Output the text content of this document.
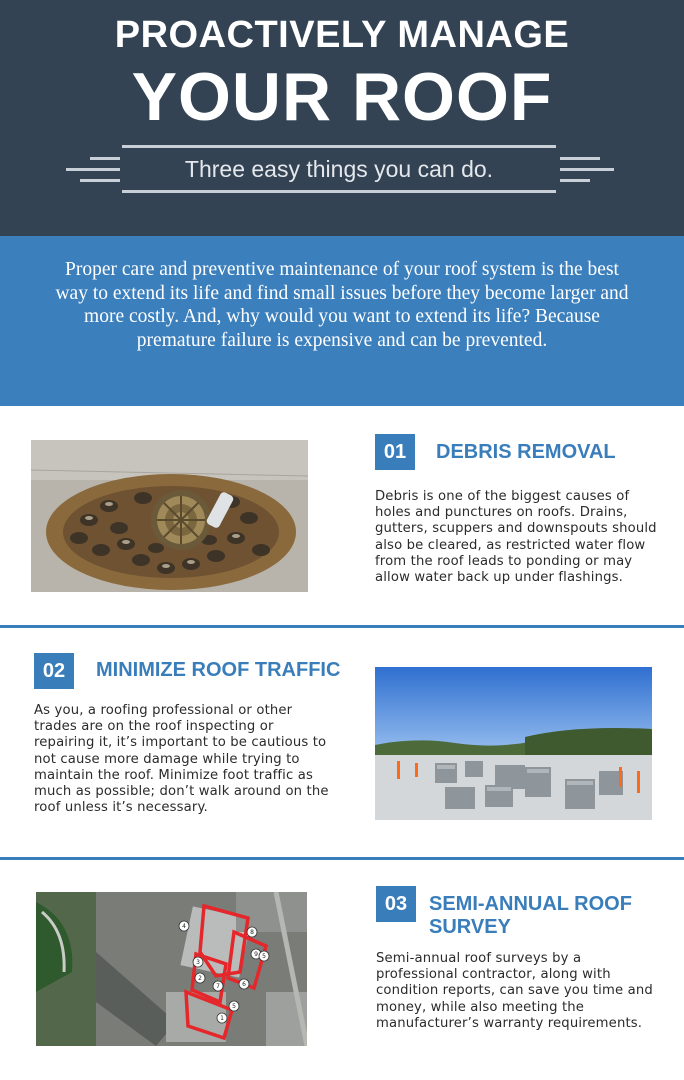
PROACTIVELY MANAGE
YOUR ROOF
Three easy things you can do.
Proper care and preventive maintenance of your roof system is the best way to extend its life and find small issues before they become larger and more costly. And, why would you want to extend its life? Because premature failure is expensive and can be prevented.
01	DEBRIS REMOVAL
Debris is one of the biggest causes of holes and punctures on roofs. Drains, gutters, scuppers and downspouts should also be cleared, as restricted water flow from the roof leads to ponding or may allow water back up under flashings.
02	MINIMIZE ROOF TRAFFIC
As you, a roofing professional or other trades are on the roof inspecting or repairing it, it’s important to be cautious to not cause more damage while trying to maintain the roof. Minimize foot traffic as much as possible; don’t walk around on the roof unless it’s necessary.
1
2
3
4
5
6
7
8
9 5
03	SEMI-ANNUAL ROOF SURVEY
Semi-annual roof surveys by a professional contractor, along with condition reports, can save you time and money, while also meeting the manufacturer’s warranty requirements.
